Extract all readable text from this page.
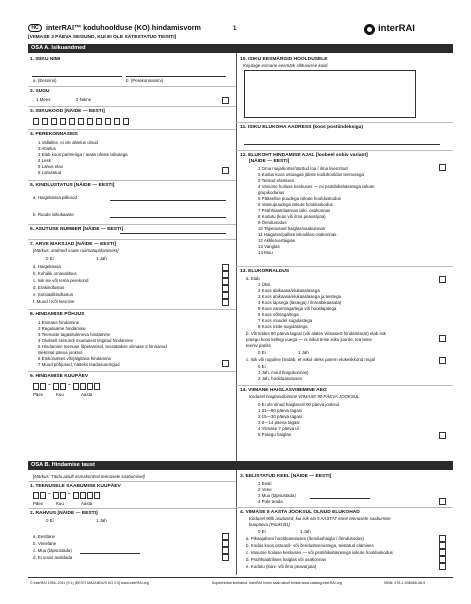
HC	interRAI™ koduhoolduse (KO) hindamisvorm
[VIIMASE 3 PÄEVA SEISUND, KUI EI OLE SÄTESTATUD TEISITI]
1	interRAI
OSA A. Isikuandmed
1. ISIKU NIMI
a. (Eesnimi)	b. (Perekonnanimi)
2. SUGU
1 Mees	2 Naine
3. ISIKUKOOD [NÄIDE — EESTI]
4. PEREKONNASEIS
1 Vallaline, ei ole abielus olnud
2 Abielus
3 Elab koos partneriga / teatis ühiste isikutega
4 Lesk
5 Lahus elav
6 Lahutatud
5. KINDLUSTATUS [NÄIDE — EESTI]
a. Haigekassa pilikood
b. Ruude isikukaaste
6. ASUTUSE NUMBER [NÄIDE — EESTI]
7. ARVE MAKSJAD [NÄIDE — EESTI]
[Märkus: andmed saate raamatupidamisest]
0 Ei	1 Jah
a. Haigekassa
b. Kohalik omavalitsus
c. Isik ise või tema perekond
d. Erakindlustus
e. Sotsiaalkindlustus
f. Muud / Kõi teemine
8. HINDAMISE PÕHJUS
1 Esmane hindamine
2 Regulaarne hindamine
3 Teenuste tagasituleneva hindamine
4 Oluliselt seisundi muutusest tingitud hindamine
5 Hindamine teenuse lõpetamisel, teostatakse viimase 3 hinnanud
ülekrinal päeva jooksul
6 Etskonalses või/jälgitava hindamine
7 Muud põhjused, näiteks teadusuuringud
9. HINDAMISE KUUPÄEV
–	–
Päev	Kuu	Aasta
10. ISIKU EESMÄRGID HOOLDUSELE
Kirjutage esmane eesmärk sõltuvusse kuidi
11. ISIKU ELUKOHA AADRESS (koos postiindeksiga)
12. ELUKOHT HINDAMISE AJAL [loobeel sobiv variant]
[NÄIDE — EESTI]
1 Oma maja/korter/üüritud toa / ilma lisenzitud
2 Kodus koos ostuagati jüliste koduhooldus teenusega
3 Teistud elamises
4 Vanurse hoiluse keskuses — mi psüühikahäiretega isikute
grupikodurius
5 Pääselise puudega isikute hoolduskodus
6 Vaimupuudega isikute hoolduskodus
7 Psühhiaatrilaarnas isiki. osakonnas
8 Kodutu (kuni või ilma peavarjuta)
9 Õendusodus
10 Tapenusoel haiglas/vaakuinnas
11 Haigutes/palliati ivkoolilas-osakonnas
12 Akkleruertaigias
13 Vanglas
14 Muu
13. ELUKORRALDUS
a. Elab
1 Üksi
2 Koos abikaasa/elukaaslasega
3 Koos abikaasa/elukaaslasega ja teistega
4 Koos lapsega (lastega) / ilnreabikaasata)
5 Koos vanemaga/tega või hooldajatega
6 Koos sõbraga/tega
7 Koos muudel sugulastega
8 Koos mitte-sugulastega
b. Võrreldes 90 päeva tagasi (või alates viimasest hindamisest) elab isik
praegu koos kellegi uuega — ni isikut teise isiku juurde, tea teine
teeniv pariite
0 Ei	1 Jah
c. Isik või ruguline hindab, et isikul oleks parem elukeskkond mujal
0 Ei
1 Jah, muul (kogukonnas)
2 Jah, hoolduasutuses
14. VIIMANE HAIGLASVIIBIMINE AEG
Kodusel haiglasviibimine VIIMASE 90 PÄEVA JOOKSUL
0 Ei ole olnud haiglasviii 90 päeva jooksul
1 31—90 päeva tagasi
2 15—30 päeva tagasi
3 8—14 päeva tagasi
4 Viimase 7 päeva ul
5 Praegu haiglas
OSA B. Hindamise taust
[Märkus: Täida ainult esmakordsel teenusele saabumisel]
1. TEENUSELE SAABUMISE KUUPÄEV
–	–
Päev	Kuu	Aasta
2. RAHVUS [NÄIDE — EESTI]
0 Ei	1 Jah
a. Eestlane
b. Venelane
c. Muu (täpsustada)
d. Ei soovi avaldada
3. EELISTATUD KEEL [NÄIDE — EESTI]
1 Eesti
2 Vene
3 Muu (täpsustada)
4 Pole teada
4. VIIMASE 5 AASTA JOOKSUL OLNUD ELUKOHAD
Kodusel 90lk asutused, kui isik ela 5 AASTAT enne teenusele saabumise
kuupäeva (Punkt B1)
0 Ei	1 Jah
a. Pikaajalises hoolduasutuses (õendushaigla / õendusodus)
b. Kodus koos ostuasõ- või õendusteenustega, teistatud elamises
c. Vanurse hoiluse keskuses — või psüühikahäiretega isikute hoolduskodus
d. Psühhiaatrilises haiglas või osakonnas
e. Kodutu (kuni- või ilma peavarjuta)
© interRAI 1994–2011 (9.1) [EESTI MAJANDUS KO 2.0] www.interRAI.org	Kopeerimise teehatud. interRAI vormi saab ainult tellida www.catalog.interRAI.org	ISBN: 978-1-936065-46-9
